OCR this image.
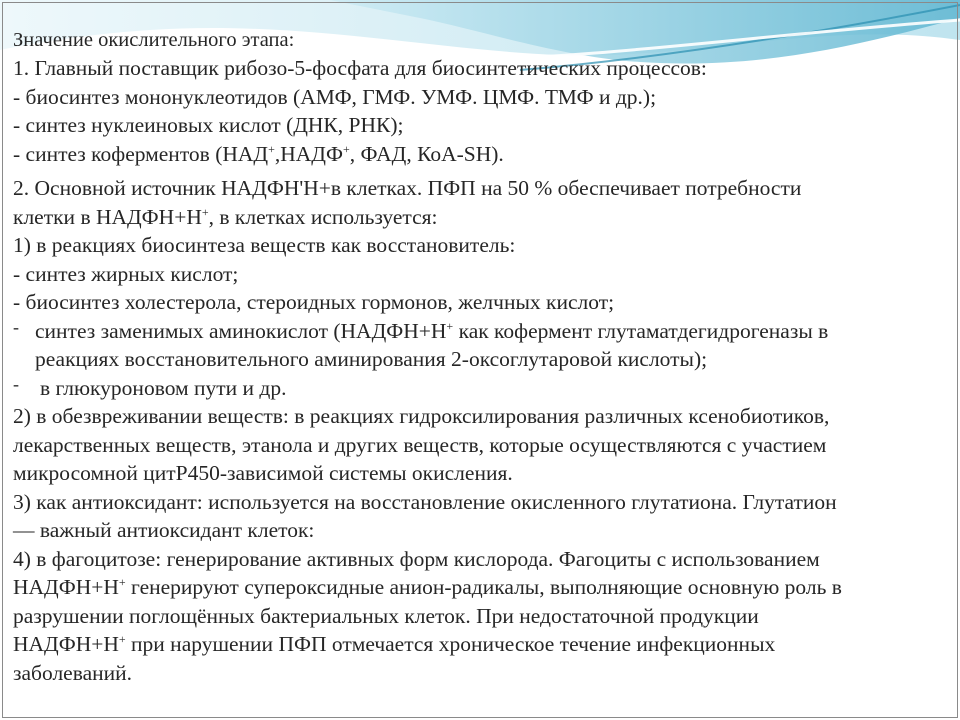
Значение окислительного этапа:
1. Главный поставщик рибозо-5-фосфата для биосинтетических процессов:
- биосинтез мононуклеотидов (АМФ, ГМФ. УМФ. ЦМФ. ТМФ и др.);
- синтез нуклеиновых кислот (ДНК, РНК);
- синтез коферментов (НАД+,НАДФ+, ФАД, КоА-SH).
2. Основной источник НАДФН'Н+в клетках. ПФП на 50 % обеспечивает потребности
клетки в НАДФН+Н+, в клетках используется:
1) в реакциях биосинтеза веществ как восстановитель:
- синтез жирных кислот;
- биосинтез холестерола, стероидных гормонов, желчных кислот;
- синтез заменимых аминокислот (НАДФН+Н+ как кофермент глутаматдегидрогеназы в
реакциях восстановительного аминирования 2-оксоглутаровой кислоты);
- в глюкуроновом пути и др.
2) в обезвреживании веществ: в реакциях гидроксилирования различных ксенобиотиков,
лекарственных веществ, этанола и других веществ, которые осуществляются с участием
микросомной цитР450-зависимой системы окисления.
3) как антиоксидант: используется на восстановление окисленного глутатиона. Глутатион
— важный антиоксидант клеток:
4) в фагоцитозе: генерирование активных форм кислорода. Фагоциты с использованием
НАДФН+Н+ генерируют супероксидные анион-радикалы, выполняющие основную роль в
разрушении поглощённых бактериальных клеток. При недостаточной продукции
НАДФН+Н+ при нарушении ПФП отмечается хроническое течение инфекционных
заболеваний.
